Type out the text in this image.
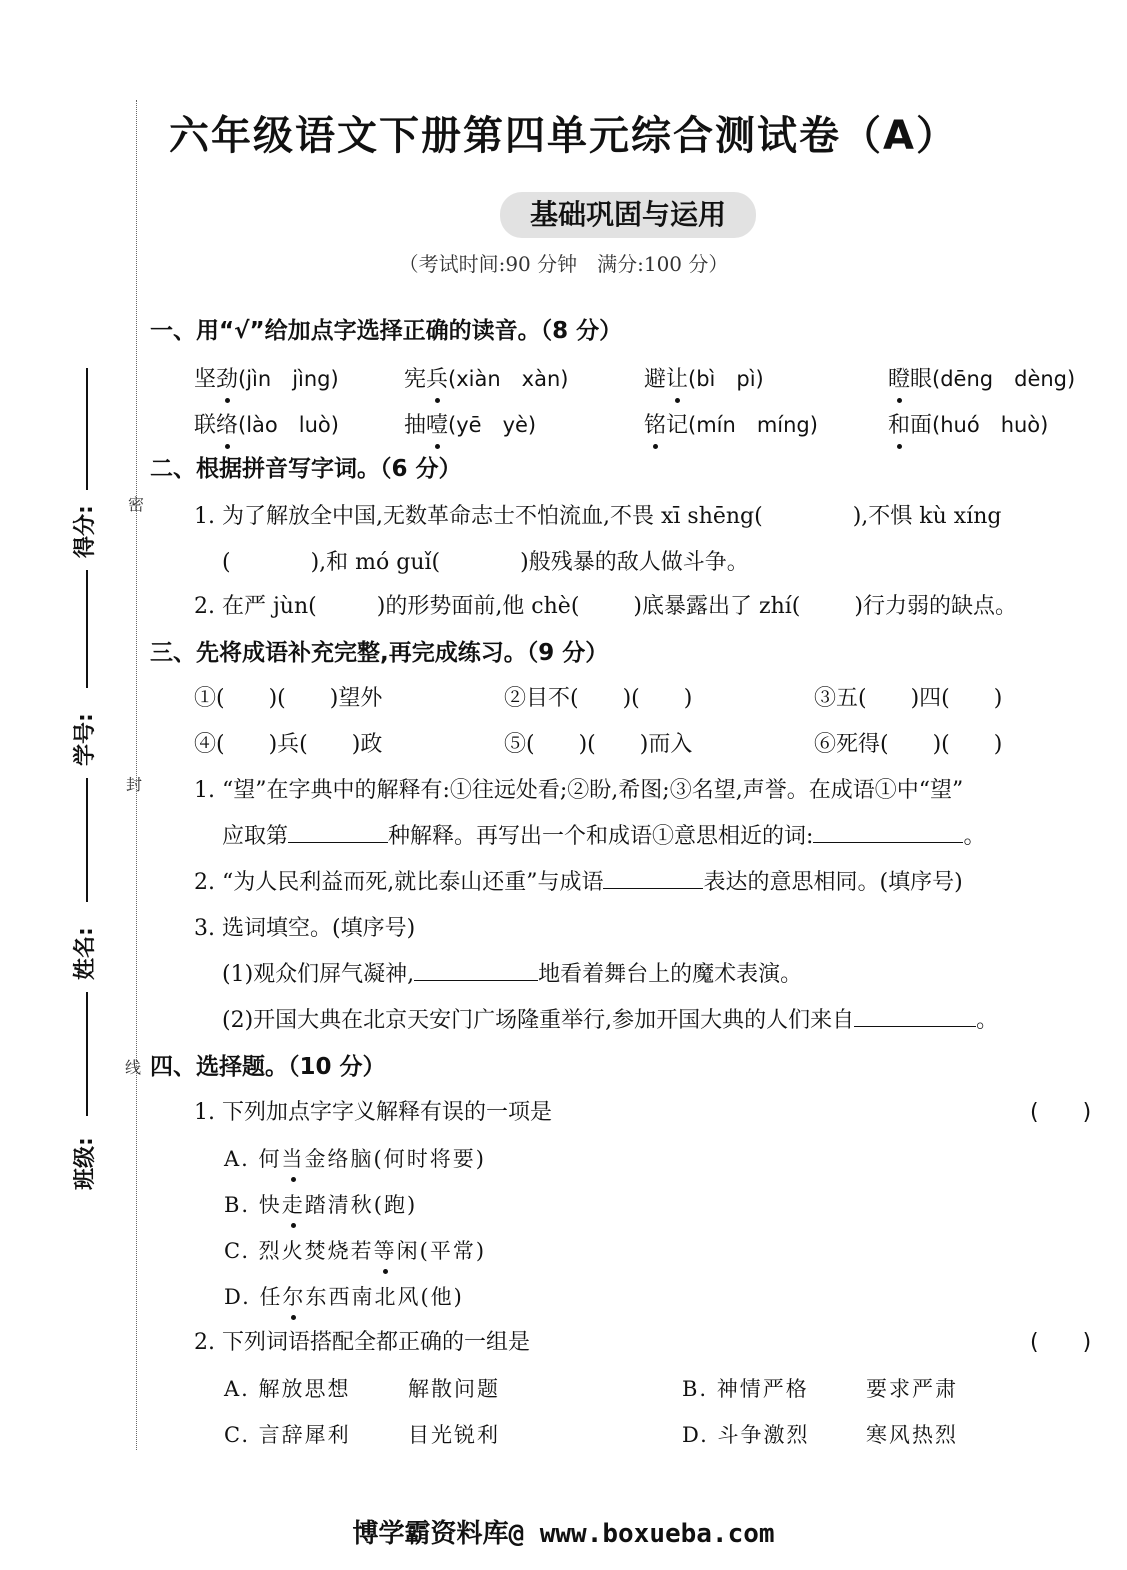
六年级语文下册第四单元综合测试卷（A）
基础巩固与运用
（考试时间:90 分钟　满分:100 分）
密
封
线
得分:
学号:
姓名:
班级:
一、用“√”给加点字选择正确的读音。（8 分）
坚劲(jìn　jìng)	宪兵(xiàn　xàn)	避让(bì　pì)	瞪眼(dēng　dèng)
联络(lào　luò)	抽噎(yē　yè)	铭记(mín　míng)	和面(huó　huò)
二、根据拼音写字词。（6 分）
1. 为了解放全中国,无数革命志士不怕流血,不畏 xī shēng(	),不惧 kù xíng
(	),和 mó guǐ(	)般残暴的敌人做斗争。
2. 在严 jùn(	)的形势面前,他 chè( )底暴露出了 zhí( )行力弱的缺点。
三、先将成语补充完整,再完成练习。（9 分）
①(　　)(　　)望外	②目不(　　)(　　)	③五(　　)四(　　)
④(　　)兵(　　)政	⑤(　　)(　　)而入	⑥死得(　　)(　　)
1. “望”在字典中的解释有:①往远处看;②盼,希图;③名望,声誉。在成语①中“望”
应取第	种解释。再写出一个和成语①意思相近的词:	。
2. “为人民利益而死,就比泰山还重”与成语	表达的意思相同。(填序号)
3. 选词填空。(填序号)
(1)观众们屏气凝神,	地看着舞台上的魔术表演。
(2)开国大典在北京天安门广场隆重举行,参加开国大典的人们来自	。
四、选择题。（10 分）
1. 下列加点字字义解释有误的一项是	(　　)
A. 何当金络脑(何时将要)
B. 快走踏清秋(跑)
C. 烈火焚烧若等闲(平常)
D. 任尔东西南北风(他)
2. 下列词语搭配全都正确的一组是	(　　)
A. 解放思想	解散问题	B. 神情严格	要求严肃
C. 言辞犀利	目光锐利	D. 斗争激烈	寒风热烈
博学霸资料库@ www.boxueba.com
